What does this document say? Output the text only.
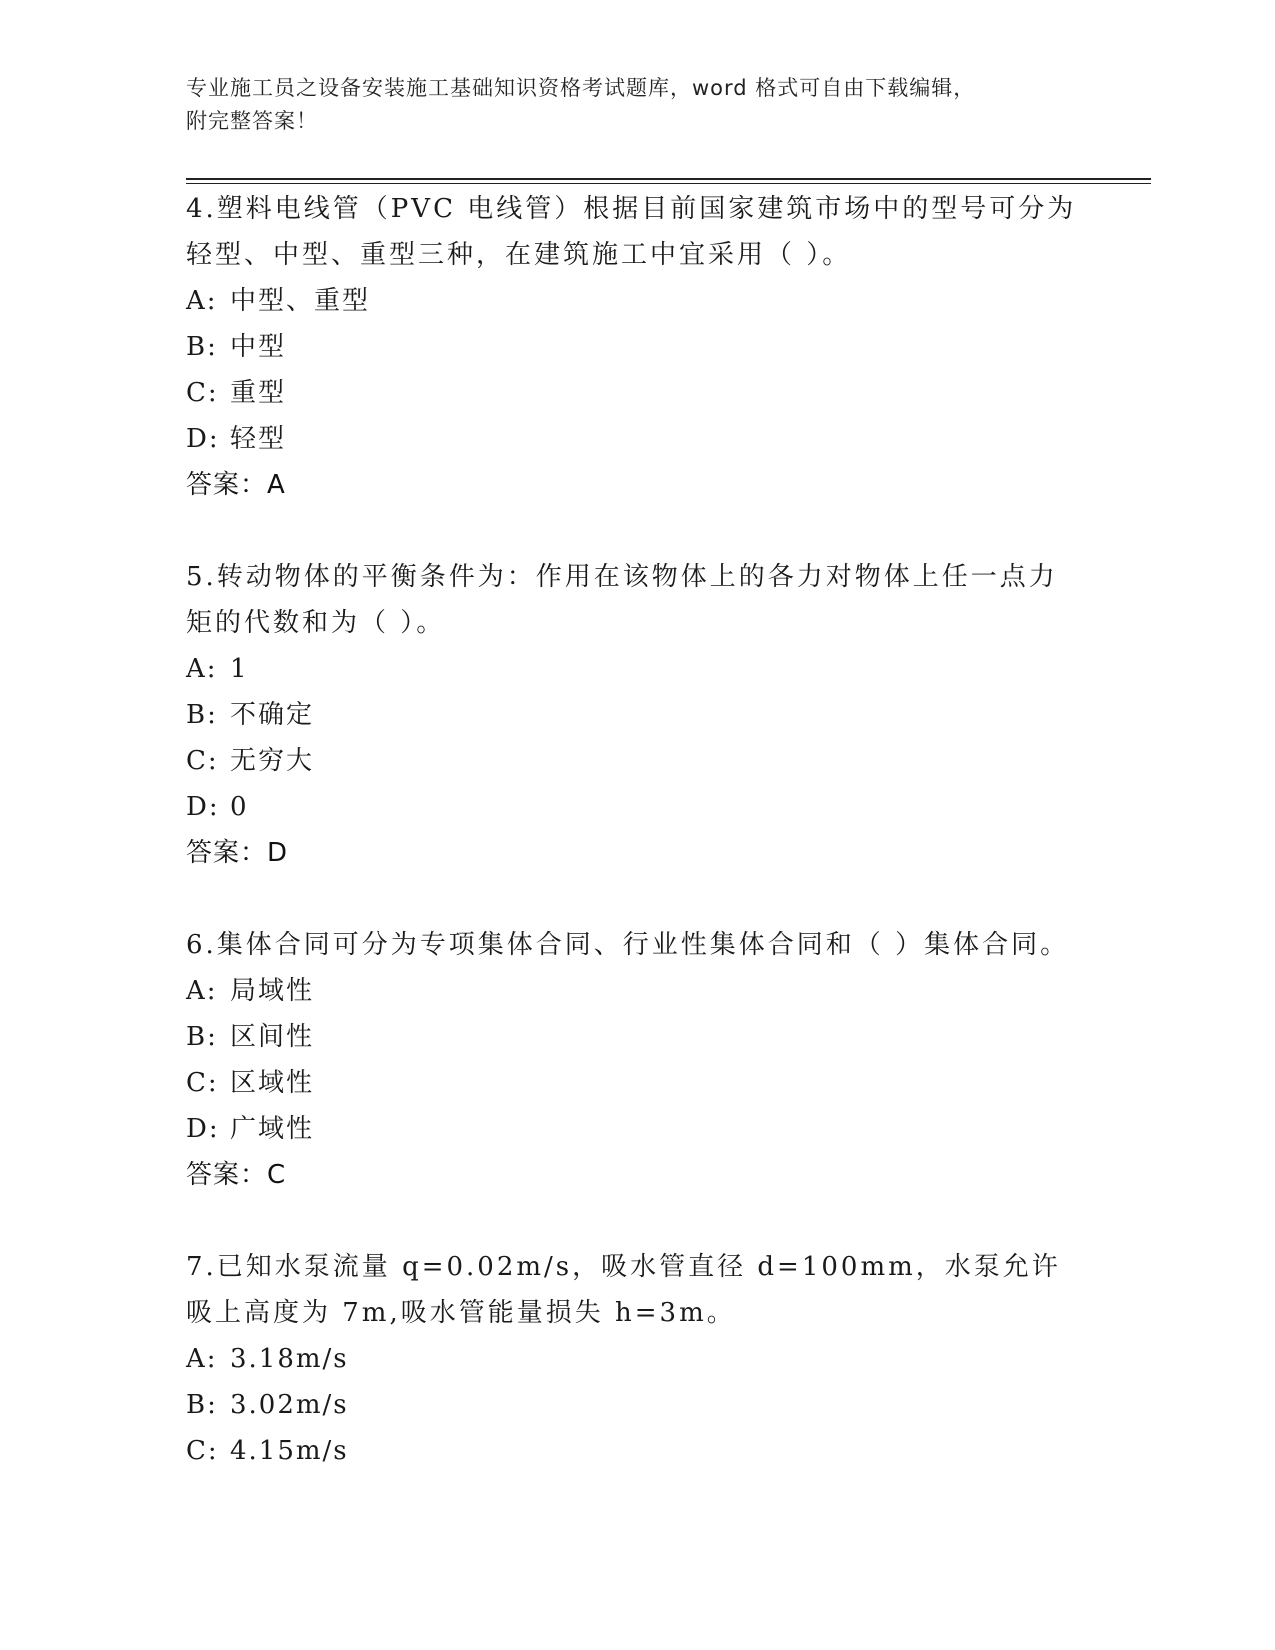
专业施工员之设备安装施工基础知识资格考试题库，word 格式可自由下载编辑，
附完整答案！

4.塑料电线管（PVC 电线管）根据目前国家建筑市场中的型号可分为轻型、中型、重型三种，在建筑施工中宜采用（ ）。

A: 中型、重型

B: 中型

C: 重型

D: 轻型

答案：A

5.转动物体的平衡条件为：作用在该物体上的各力对物体上任一点力矩的代数和为（ ）。

A: 1

B: 不确定

C: 无穷大

D: 0

答案：D

6.集体合同可分为专项集体合同、行业性集体合同和（ ）集体合同。

A: 局域性

B: 区间性

C: 区域性

D: 广域性

答案：C

7.已知水泵流量 q=0.02m/s，吸水管直径 d=100mm，水泵允许吸上高度为 7m,吸水管能量损失 h=3m。

A: 3.18m/s

B: 3.02m/s

C: 4.15m/s
